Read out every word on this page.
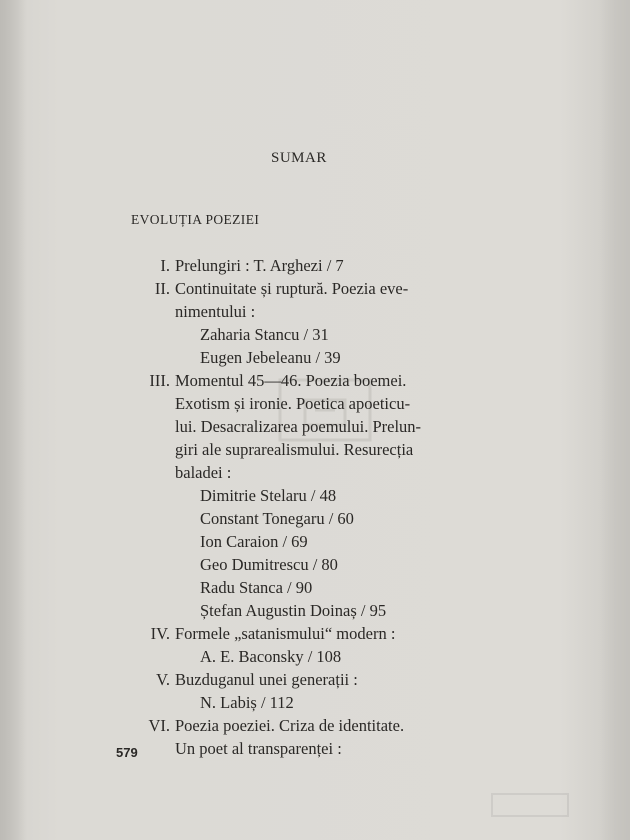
SUMAR
EVOLUȚIA POEZIEI
I. Prelungiri : T. Arghezi / 7
II. Continuitate și ruptură. Poezia eve-
nimentului :
Zaharia Stancu / 31
Eugen Jebeleanu / 39
III. Momentul 45—46. Poezia boemei.
Exotism și ironie. Poetica apoeticu-
lui. Desacralizarea poemului. Prelun-
giri ale suprarealismului. Resurecția
baladei :
Dimitrie Stelaru / 48
Constant Tonegaru / 60
Ion Caraion / 69
Geo Dumitrescu / 80
Radu Stanca / 90
Ștefan Augustin Doinaș / 95
IV. Formele „satanismului“ modern :
A. E. Baconsky / 108
V. Buzduganul unei generații :
N. Labiș / 112
VI. Poezia poeziei. Criza de identitate.
Un poet al transparenței :
579
